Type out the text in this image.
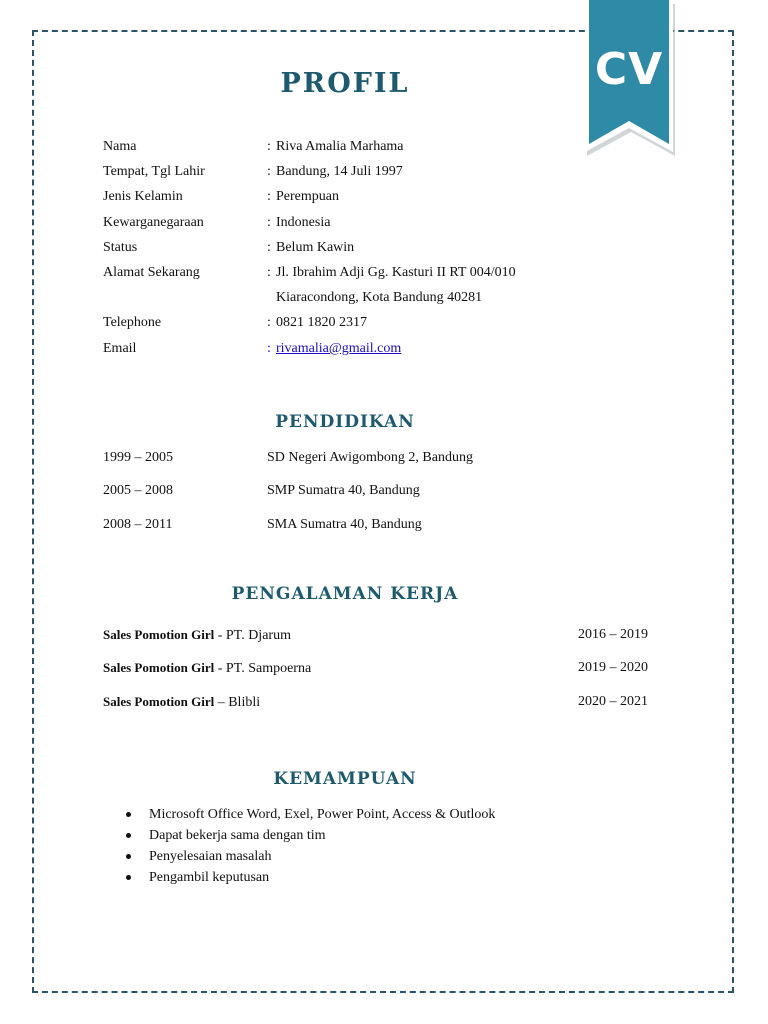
CV
PROFIL
Nama	: Riva Amalia Marhama
Tempat, Tgl Lahir	: Bandung, 14 Juli 1997
Jenis Kelamin	: Perempuan
Kewarganegaraan	: Indonesia
Status	: Belum Kawin
Alamat Sekarang	: Jl. Ibrahim Adji Gg. Kasturi II RT 004/010
Kiaracondong, Kota Bandung 40281
Telephone	: 0821 1820 2317
Email	: rivamalia@gmail.com
PENDIDIKAN
1999 – 2005	SD Negeri Awigombong 2, Bandung
2005 – 2008	SMP Sumatra 40, Bandung
2008 – 2011	SMA Sumatra 40, Bandung
PENGALAMAN KERJA
Sales Pomotion Girl - PT. Djarum	2016 – 2019
Sales Pomotion Girl - PT. Sampoerna	2019 – 2020
Sales Pomotion Girl – Blibli	2020 – 2021
KEMAMPUAN
Microsoft Office Word, Exel, Power Point, Access & Outlook
Dapat bekerja sama dengan tim
Penyelesaian masalah
Pengambil keputusan
